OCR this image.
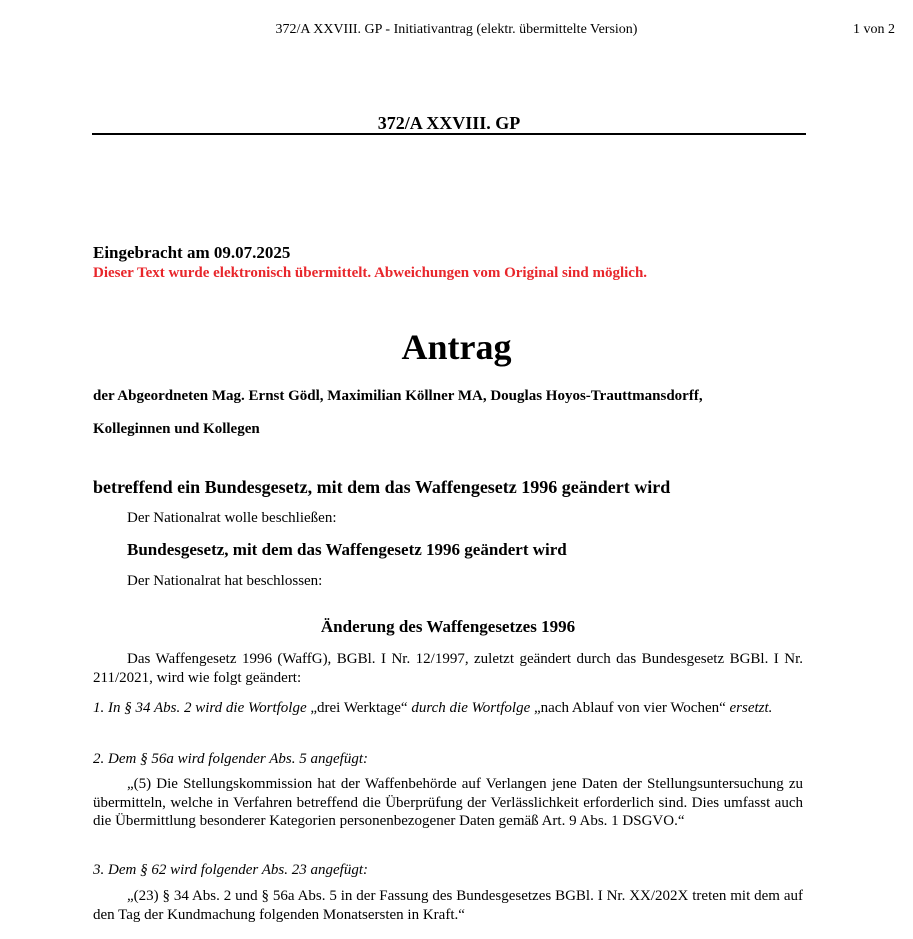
372/A XXVIII. GP - Initiativantrag (elektr. übermittelte Version)	1 von 2
372/A XXVIII. GP
Eingebracht am 09.07.2025
Dieser Text wurde elektronisch übermittelt. Abweichungen vom Original sind möglich.
Antrag
der Abgeordneten Mag. Ernst Gödl, Maximilian Köllner MA, Douglas Hoyos-Trauttmansdorff,
Kolleginnen und Kollegen
betreffend ein Bundesgesetz, mit dem das Waffengesetz 1996 geändert wird
Der Nationalrat wolle beschließen:
Bundesgesetz, mit dem das Waffengesetz 1996 geändert wird
Der Nationalrat hat beschlossen:
Änderung des Waffengesetzes 1996
Das Waffengesetz 1996 (WaffG), BGBl. I Nr. 12/1997, zuletzt geändert durch das Bundesgesetz BGBl. I Nr. 211/2021, wird wie folgt geändert:
1. In § 34 Abs. 2 wird die Wortfolge „drei Werktage“ durch die Wortfolge „nach Ablauf von vier Wochen“ ersetzt.
2. Dem § 56a wird folgender Abs. 5 angefügt:
„(5) Die Stellungskommission hat der Waffenbehörde auf Verlangen jene Daten der Stellungsuntersuchung zu übermitteln, welche in Verfahren betreffend die Überprüfung der Verlässlichkeit erforderlich sind. Dies umfasst auch die Übermittlung besonderer Kategorien personenbezogener Daten gemäß Art. 9 Abs. 1 DSGVO.“
3. Dem § 62 wird folgender Abs. 23 angefügt:
„(23) § 34 Abs. 2 und § 56a Abs. 5 in der Fassung des Bundesgesetzes BGBl. I Nr. XX/202X treten mit dem auf den Tag der Kundmachung folgenden Monatsersten in Kraft.“
